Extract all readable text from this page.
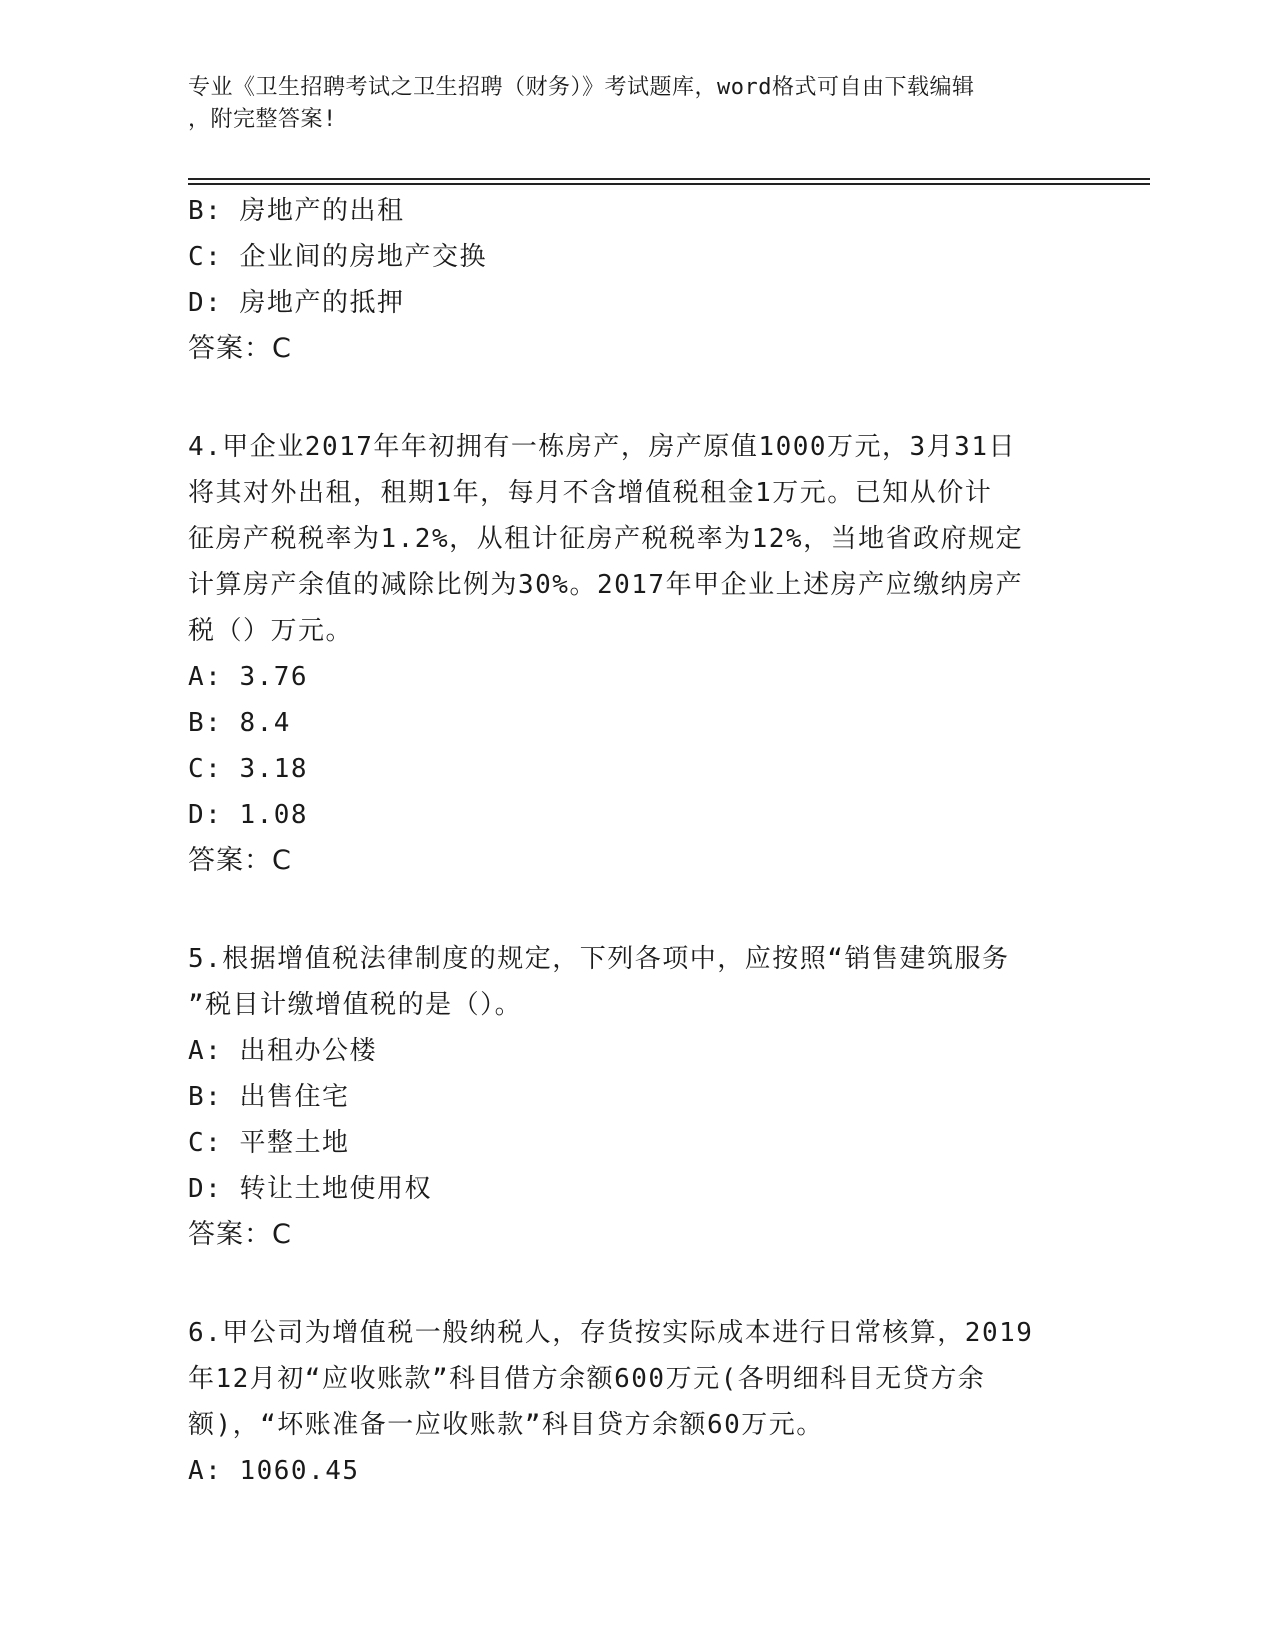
专业《卫生招聘考试之卫生招聘（财务）》考试题库，word格式可自由下载编辑
，附完整答案!
B: 房地产的出租
C: 企业间的房地产交换
D: 房地产的抵押
答案：C
4.甲企业2017年年初拥有一栋房产，房产原值1000万元，3月31日
将其对外出租，租期1年，每月不含增值税租金1万元。已知从价计
征房产税税率为1.2%，从租计征房产税税率为12%，当地省政府规定
计算房产余值的减除比例为30%。2017年甲企业上述房产应缴纳房产
税（）万元。
A: 3.76
B: 8.4
C: 3.18
D: 1.08
答案：C
5.根据增值税法律制度的规定，下列各项中，应按照“销售建筑服务
”税目计缴增值税的是（）。
A: 出租办公楼
B: 出售住宅
C: 平整土地
D: 转让土地使用权
答案：C
6.甲公司为增值税一般纳税人，存货按实际成本进行日常核算，2019
年12月初“应收账款”科目借方余额600万元(各明细科目无贷方余
额)，“坏账准备一应收账款”科目贷方余额60万元。
A: 1060.45
